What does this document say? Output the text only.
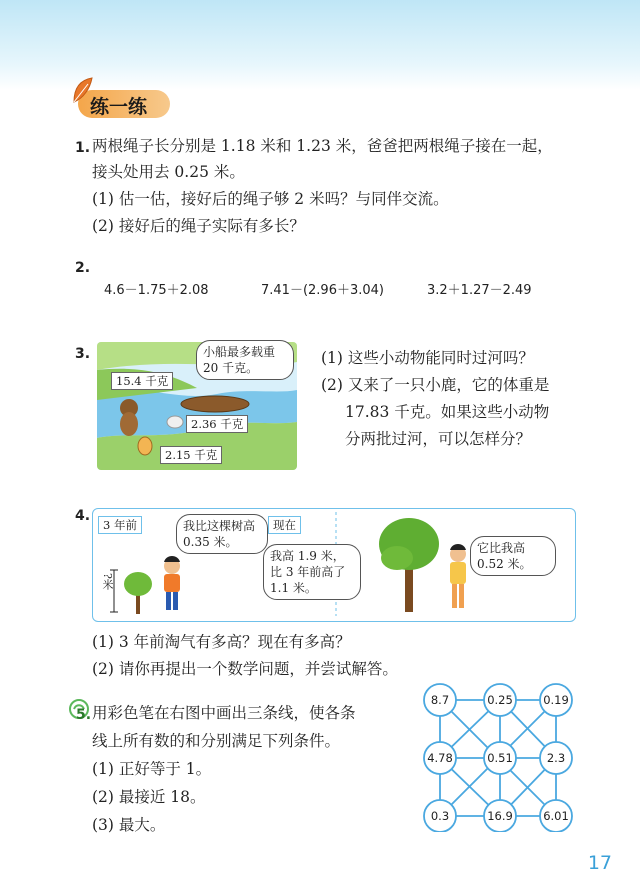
练一练
1. 两根绳子长分别是 1.18 米和 1.23 米，爸爸把两根绳子接在一起，
接头处用去 0.25 米。
(1) 估一估，接好后的绳子够 2 米吗？与同伴交流。
(2) 接好后的绳子实际有多长？
2.
4.6－1.75＋2.08	7.41－(2.96＋3.04)	3.2＋1.27－2.49
3.
15.4 千克
2.36 千克
2.15 千克
小船最多载重 20 千克。
(1) 这些小动物能同时过河吗？
(2) 又来了一只小鹿，它的体重是
17.83 千克。如果这些小动物
分两批过河，可以怎样分？
4.
3 年前	现在
我比这棵树高 0.35 米。
我高 1.9 米，比 3 年前高了 1.1 米。
它比我高 0.52 米。
?米
(1) 3 年前淘气有多高？现在有多高？
(2) 请你再提出一个数学问题，并尝试解答。
5. 用彩色笔在右图中画出三条线，使各条
线上所有数的和分别满足下列条件。
(1) 正好等于 1。
(2) 最接近 18。
(3) 最大。
8.7	0.25	0.19
4.78	0.51	2.3
0.3	16.9	6.01
17
